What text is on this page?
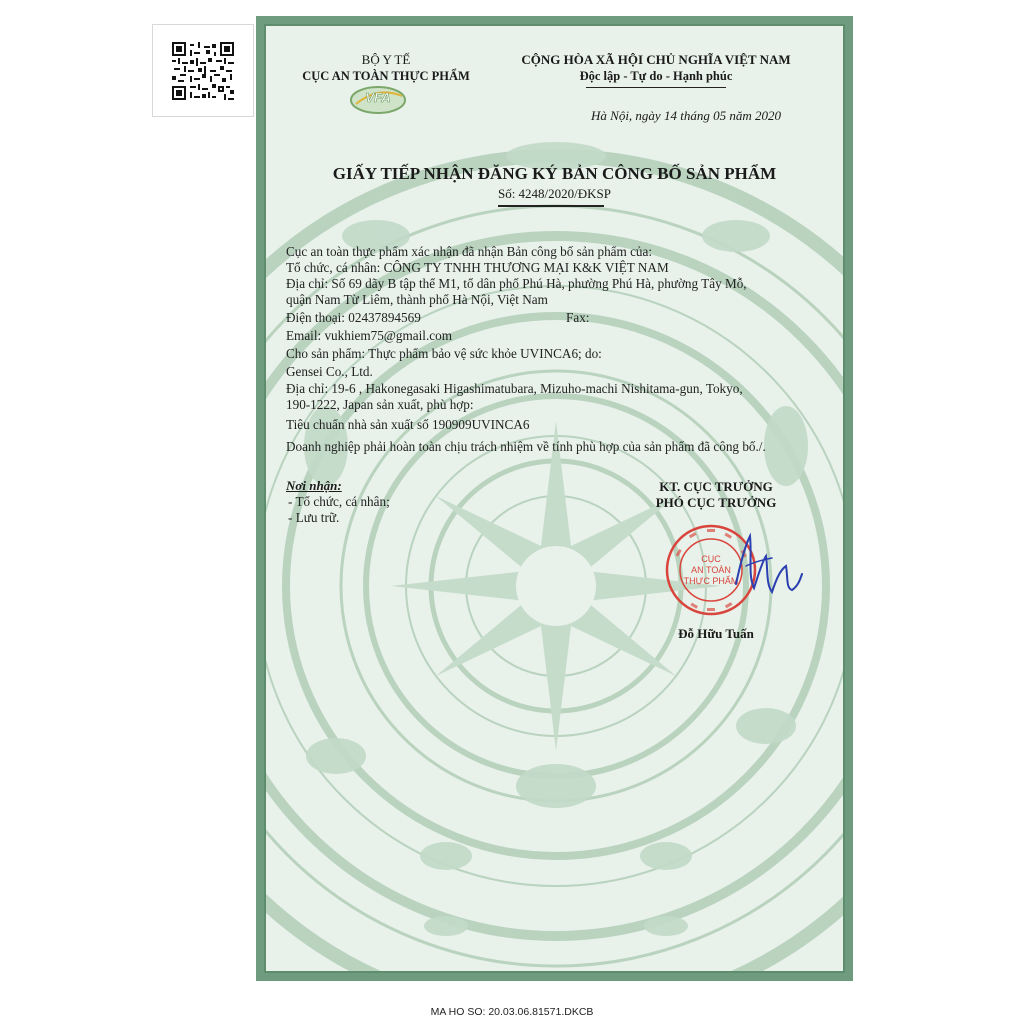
BỘ Y TẾ
CỤC AN TOÀN THỰC PHẨM
VFA
CỘNG HÒA XÃ HỘI CHỦ NGHĨA VIỆT NAM
Độc lập - Tự do - Hạnh phúc
Hà Nội, ngày 14 tháng 05 năm 2020
GIẤY TIẾP NHẬN ĐĂNG KÝ BẢN CÔNG BỐ SẢN PHẨM
Số: 4248/2020/ĐKSP
Cục an toàn thực phẩm xác nhận đã nhận Bản công bố sản phẩm của:
Tổ chức, cá nhân: CÔNG TY TNHH THƯƠNG MẠI K&K VIỆT NAM
Địa chỉ: Số 69 dãy B tập thể M1, tổ dân phố Phú Hà, phường Phú Hà, phường Tây Mỗ,
quận Nam Từ Liêm, thành phố Hà Nội, Việt Nam
Điện thoại: 02437894569	Fax:
Email: vukhiem75@gmail.com
Cho sản phẩm: Thực phẩm bảo vệ sức khỏe UVINCA6; do:
Gensei Co., Ltd.
Địa chỉ: 19-6 , Hakonegasaki Higashimatubara, Mizuho-machi Nishitama-gun, Tokyo,
190-1222, Japan sản xuất, phù hợp:
Tiêu chuẩn nhà sản xuất số 190909UVINCA6
Doanh nghiệp phải hoàn toàn chịu trách nhiệm về tính phù hợp của sản phẩm đã công bố./.
Nơi nhận:
- Tổ chức, cá nhân;
- Lưu trữ.
KT. CỤC TRƯỞNG
PHÓ CỤC TRƯỞNG
CỤC
AN TOÀN
THỰC PHẨM
Đỗ Hữu Tuấn
MA HO SO: 20.03.06.81571.DKCB
